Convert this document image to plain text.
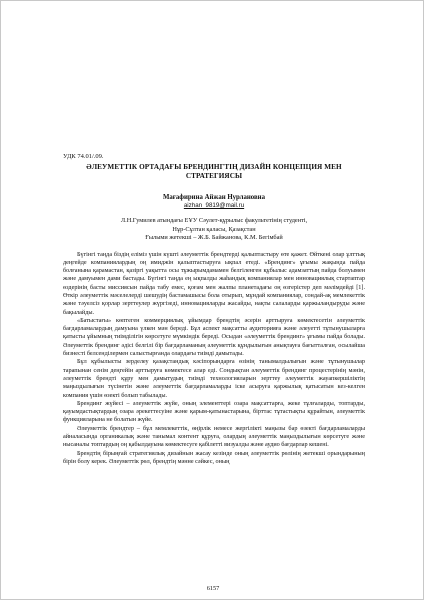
УДК 74.01/.09.

ӘЛЕУМЕТТІК ОРТАДАҒЫ БРЕНДИНГТІҢ ДИЗАЙН КОНЦЕПЦИЯ МЕН

СТРАТЕГИЯСЫ

Мағафирина Айжан Нурлановна
aizhan_9819@mail.ru
Л.Н.Гумилев атындағы ЕҰУ Сәулет-құрылыс факультетінің студенті,
Нұр-Сұлтан қаласы, Қазақстан
Ғылыми жетекші – Ж.Б. Байжанова, К.М. Бегімбай

Бүгінгі таңда біздің еліміз үшін күшті әлеуметтік брендтерді қалыптастыру өте қажет. Өйткені олар ұлттық деңгейде компаниялардың оң имиджін қалыптастыруға ықпал етеді. «Брендинг» ұғымы жақында пайда болғанына қарамастан, қазіргі уақытта осы тұжырымдамамен белгіленген құбылыс адамзаттың пайда болуымен және дамуымен дами бастады. Бүгінгі таңда ең ықпалды жаһандық компаниялар мен инновациялық стартаптар өздерінің басты миссиясын пайда табу емес, қоғам мен жалпы планетадағы оң өзгерістер деп мәлімдейді [1]. Өткір әлеуметтік мәселелерді шешудің бастамашысы бола отырып, мұндай компаниялар, сондай-ақ мемлекеттік және тәуелсіз қорлар зерттеулер жүргізеді, инновацияларды жасайды, нақты салаларды қаржыландыруды және бақылайды.

«Батыстағы» көптеген коммерциялық ұйымдар брендтің әсерін арттыруға көмектесетін әлеуметтік бағдарламалардың дамуына үлкен мән береді. Бұл аспект мақсатты аудиторияға және әлеуетті тұтынушыларға қатысты ұйымның тиімділігін көрсетуге мүмкіндік береді. Осыдан «әлеуметтік брендинг» ұғымы пайда болады. Әлеуметтік брендинг әдісі белгілі бір бағдарламаның әлеуметтік құндылығын анықтауға бағытталған, осылайша бизнесті белсенділермен салыстырғанда олардағы тиімді дамытады.

Бұл құбылысты зерделеу қазақстандық кәсіпорындарға өзінің танымалдылығын және тұтынушылар тарапынан сенім деңгейін арттыруға көмектесе алар еді. Сондықтан әлеуметтік брендинг процестерінің мәнін, әлеуметтік брендті құру мен дамытудың тиімді технологияларын зерттеу әлеуметтік жауапкершіліктің маңыздылығын түсінетін және әлеуметтік бағдарламаларды іске асыруға қаржылық қатысатын кез-келген компания үшін өзекті болып табылады.

Брендинг жүйесі – әлеуметтік жүйе, оның элементтері озара мақсаттарға, жеке тұлғаларды, топтарды, қауымдастықтардың озара әрекеттесуіне және қарым-қатынастарына, бірттас тұтастықты құрайтын, әлеуметтік функцияларына не болатын жүйе.

Әлеуметтік брендтер – бұл мемлекеттік, өңірлік немесе жергілікті маңызы бар өзекті бағдарламаларды айналасында органикалық және танымал контент құруға, олардың әлеуметтік маңыздылығын көрсетуге және нысаналы топтардың оң қабылдауына көмектесуге қабілетті визуалды және аудио бағдарлар кешені.

Брендтің бірыңғай стратегиялық дизайнын жасау кезінде оның әлеуметтік рөлінің жетекші орындарының бірін болу керек. Әлеуметтік рөл, брендтің мәнне сәйкес, оның

6157
